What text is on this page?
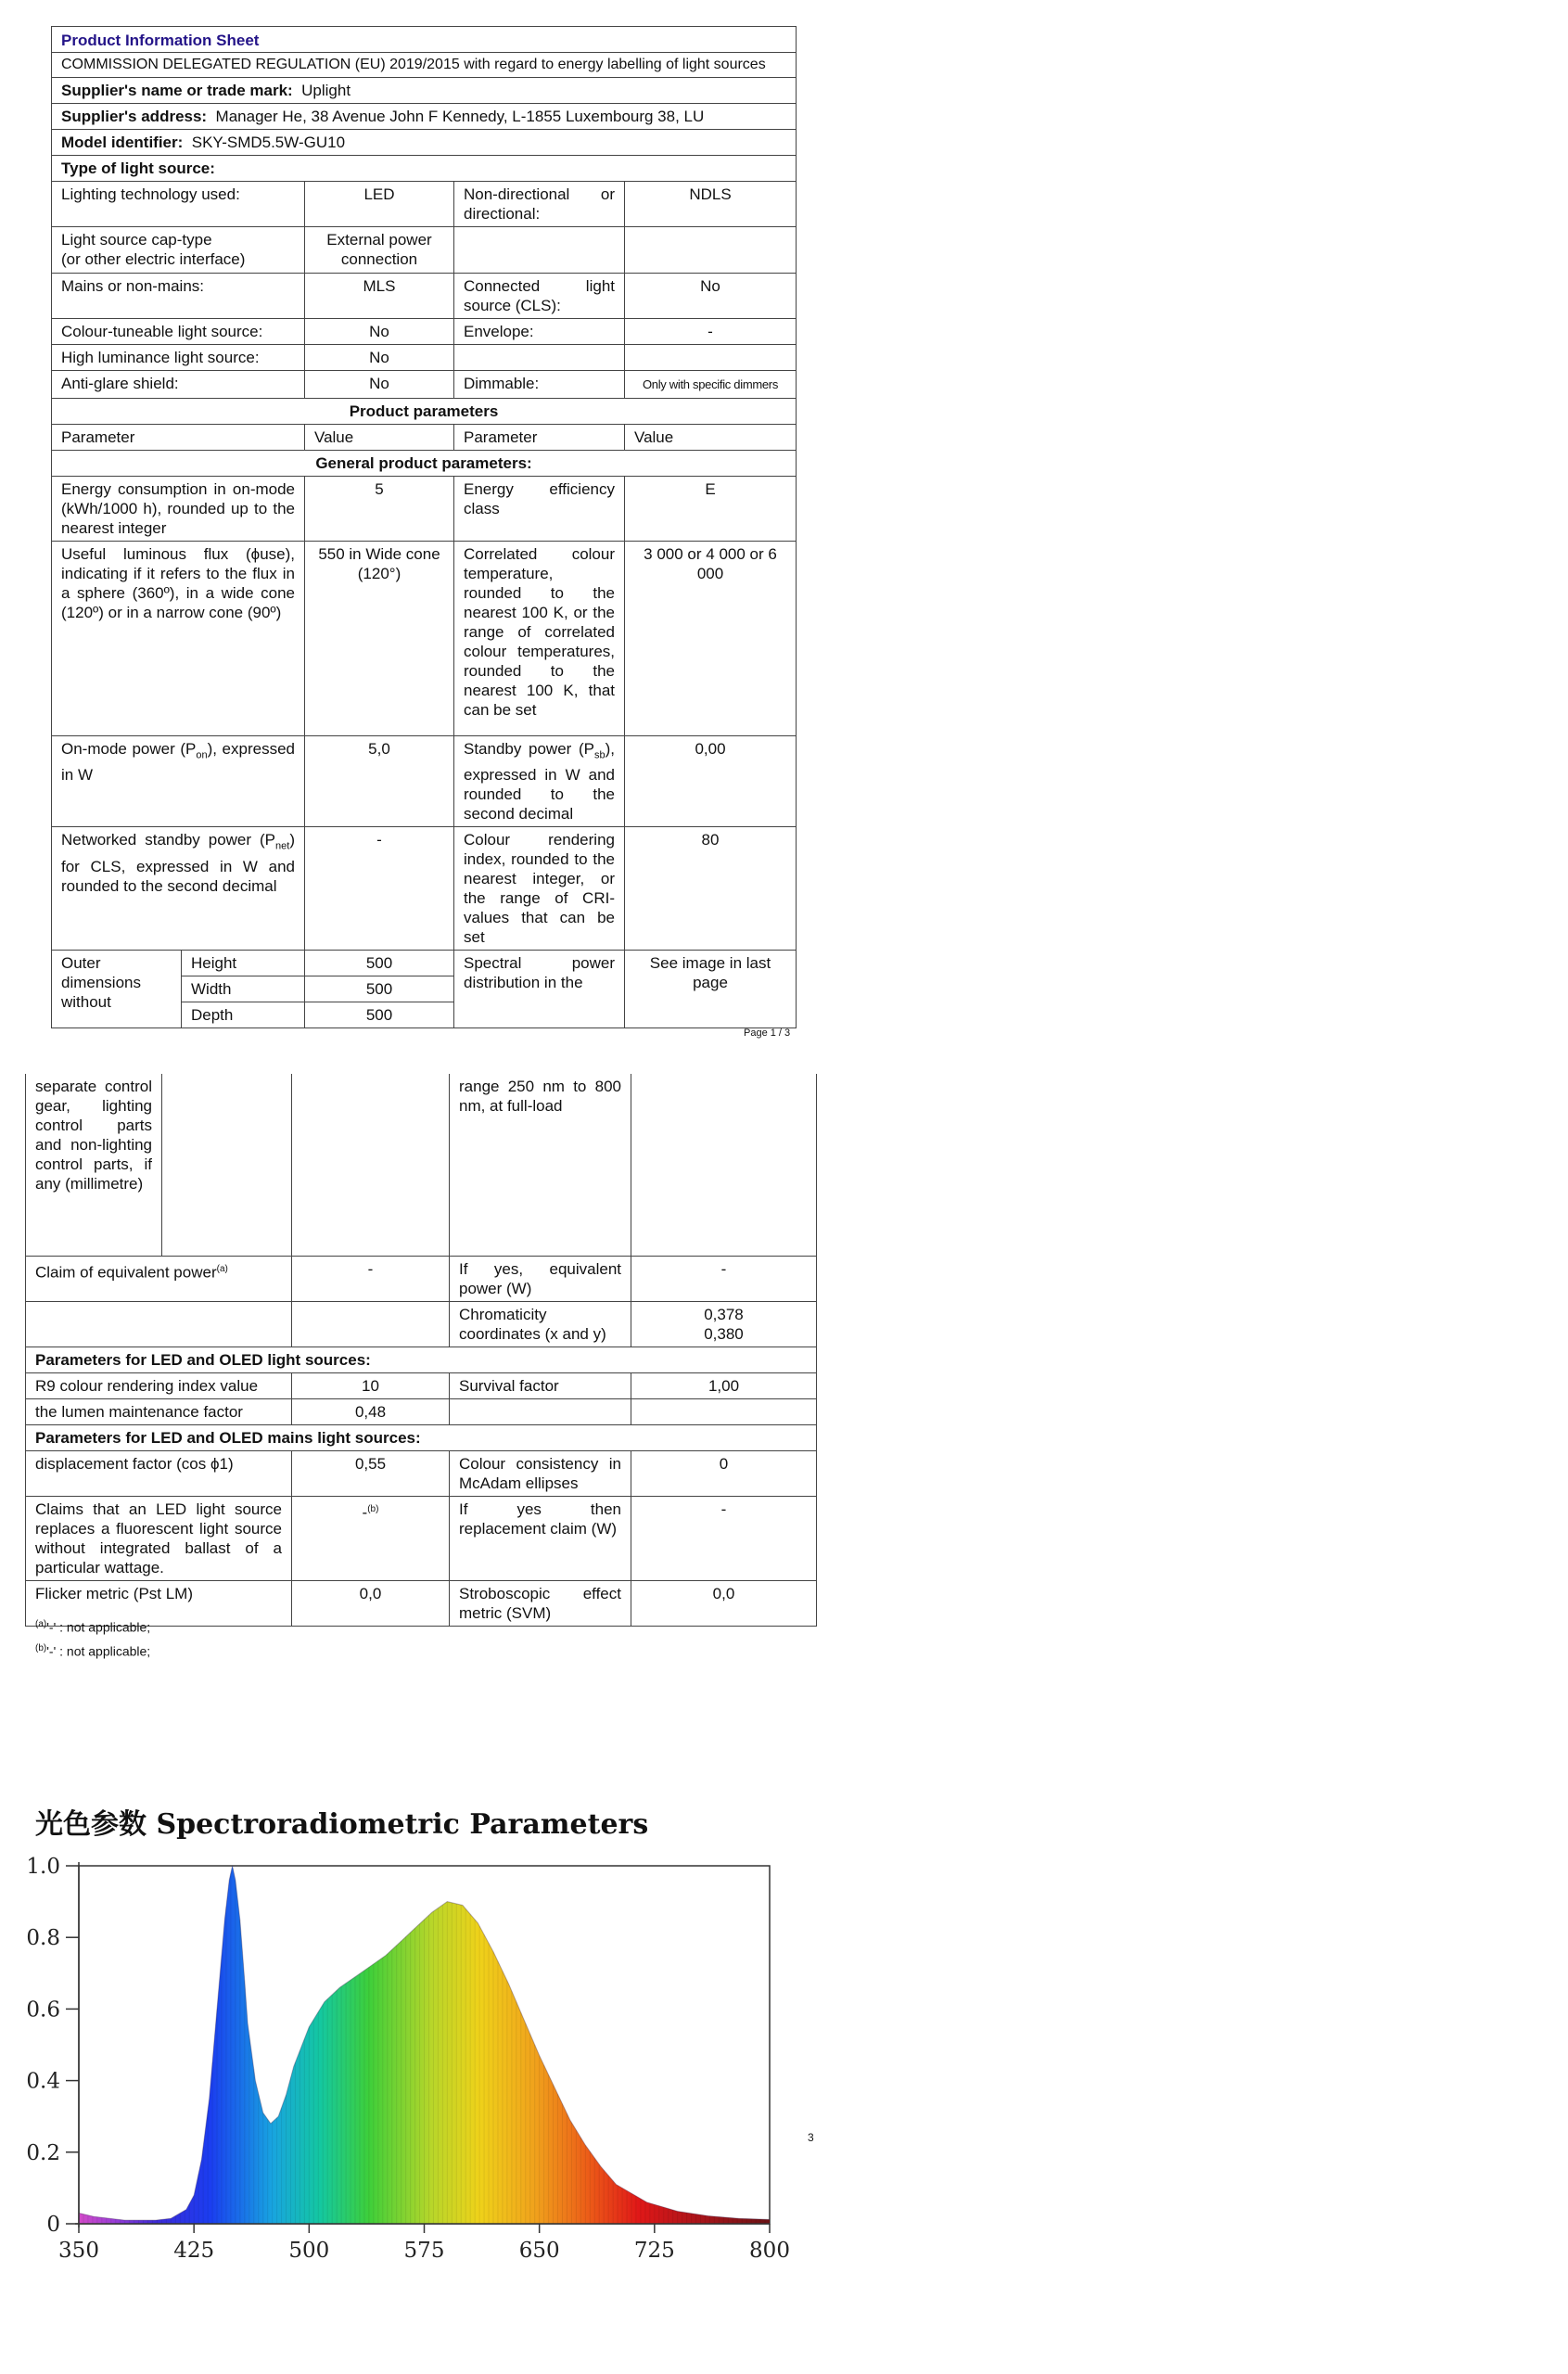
Product Information Sheet				
COMMISSION DELEGATED REGULATION (EU) 2019/2015 with regard to energy labelling of light sources				
Supplier's name or trade mark: Uplight				
Supplier's address: Manager He, 38 Avenue John F Kennedy, L-1855 Luxembourg 38, LU				
Model identifier: SKY-SMD5.5W-GU10				
Type of light source:				
Lighting technology used:		LED	Non-directional or directional:	NDLS

Light source cap-type
(or other electric interface)		External power connection		
Mains or non-mains:		MLS	Connected light source (CLS):	No
Colour-tuneable light source:		No	Envelope:	-
High luminance light source:		No		
Anti-glare shield:		No	Dimmable:	Only with specific dimmers
Product parameters				
Parameter		Value	Parameter	Value
General product parameters:				
Energy consumption in on-mode (kWh/1000 h), rounded up to the nearest integer		5	Energy efficiency class	E
Useful luminous flux (ϕuse), indicating if it refers to the flux in a sphere (360º), in a wide cone (120º) or in a narrow cone (90º)		550 in Wide cone (120°)	Correlated colour temperature, rounded to the nearest 100 K, or the range of correlated colour temperatures, rounded to the nearest 100 K, that can be set	3 000 or 4 000 or 6 000
On-mode power $(P_{on})$, expressed in W		5,0	Standby power $(P_{sb})$, expressed in W and rounded to the second decimal	0,00
Networked standby power $(P_{net})$ for CLS, expressed in W and rounded to the second decimal		-	Colour rendering index, rounded to the nearest integer, or the range of CRI-values that can be set	80
Outer dimensions without	Height	500	Spectral power distribution in the	See image in last page
	Width	500		
	Depth	500		
Page 1 / 3
separate control gear, lighting control parts and non-lighting control parts, if any (millimetre)			range 250 nm to 800 nm, at full-load	
Claim of equivalent power$^{(a)}$		-	If yes, equivalent power (W)	-
			Chromaticity coordinates (x and y)	0,378
0,380

Parameters for LED and OLED light sources:				
R9 colour rendering index value		10	Survival factor	1,00
the lumen maintenance factor		0,48		
Parameters for LED and OLED mains light sources:				
displacement factor (cos ϕ1)		0,55	Colour consistency in McAdam ellipses	0
Claims that an LED light source replaces a fluorescent light source without integrated ballast of a particular wattage.		-$^{(b)}$	If yes then replacement claim (W)	-
Flicker metric (Pst LM)		0,0	Stroboscopic effect metric (SVM)	0,0
$^{(a)}$'-' : not applicable;
$^{(b)}$'-' : not applicable;
光色参数 Spectroradiometric Parameters
3
0
0.2
0.4
0.6
0.8
1.0
350	425	500	575	650	725	800
